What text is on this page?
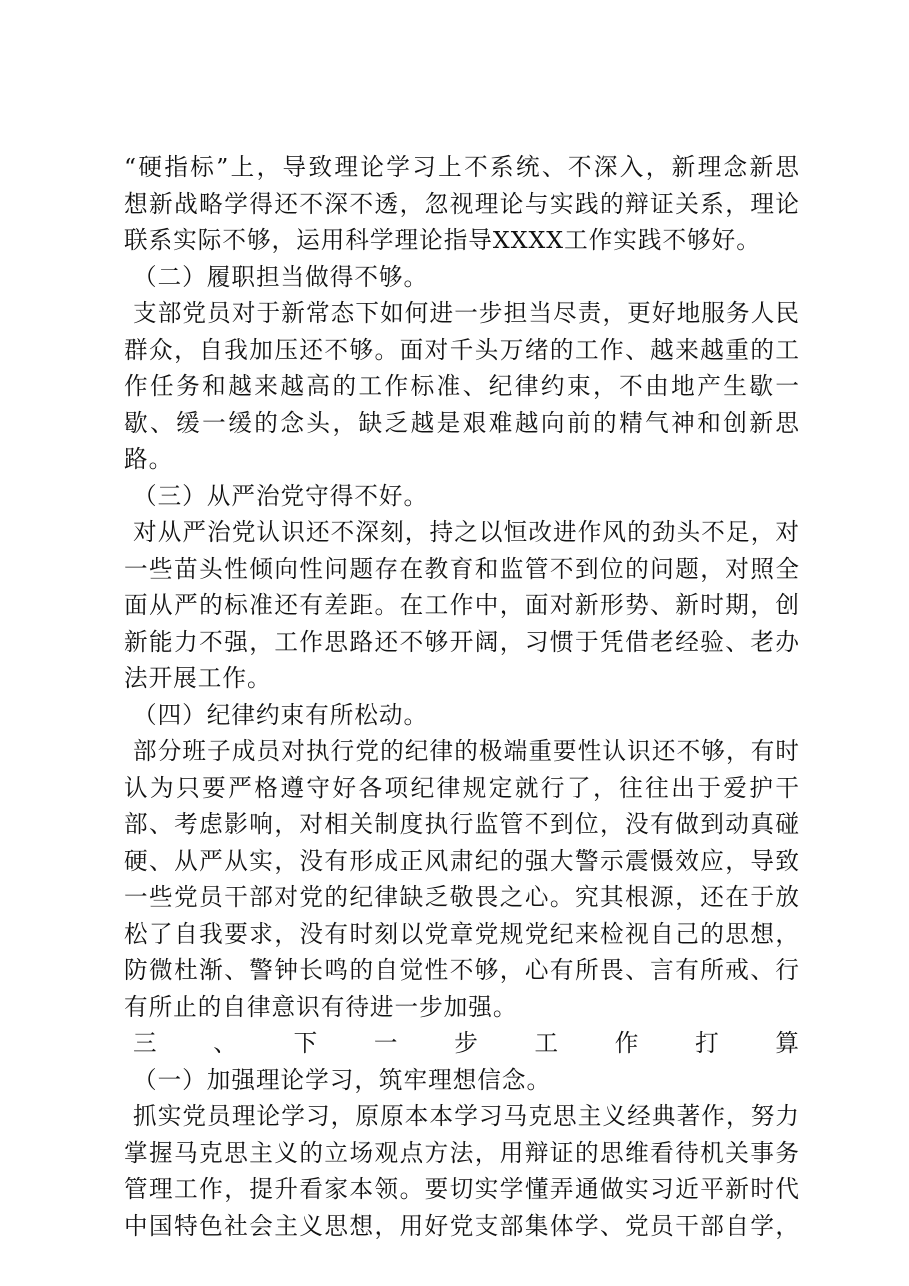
“硬指标”上，导致理论学习上不系统、不深入，新理念新思
想新战略学得还不深不透，忽视理论与实践的辩证关系，理论
联系实际不够，运用科学理论指导XXXX工作实践不够好。
（二）履职担当做得不够。
支部党员对于新常态下如何进一步担当尽责，更好地服务人民
群众，自我加压还不够。面对千头万绪的工作、越来越重的工
作任务和越来越高的工作标准、纪律约束，不由地产生歇一
歇、缓一缓的念头，缺乏越是艰难越向前的精气神和创新思
路。
（三）从严治党守得不好。
对从严治党认识还不深刻，持之以恒改进作风的劲头不足，对
一些苗头性倾向性问题存在教育和监管不到位的问题，对照全
面从严的标准还有差距。在工作中，面对新形势、新时期，创
新能力不强，工作思路还不够开阔，习惯于凭借老经验、老办
法开展工作。
（四）纪律约束有所松动。
部分班子成员对执行党的纪律的极端重要性认识还不够，有时
认为只要严格遵守好各项纪律规定就行了，往往出于爱护干
部、考虑影响，对相关制度执行监管不到位，没有做到动真碰
硬、从严从实，没有形成正风肃纪的强大警示震慑效应，导致
一些党员干部对党的纪律缺乏敬畏之心。究其根源，还在于放
松了自我要求，没有时刻以党章党规党纪来检视自己的思想，
防微杜渐、警钟长鸣的自觉性不够，心有所畏、言有所戒、行
有所止的自律意识有待进一步加强。
三、下一步工作打算
（一）加强理论学习，筑牢理想信念。
抓实党员理论学习，原原本本学习马克思主义经典著作，努力
掌握马克思主义的立场观点方法，用辩证的思维看待机关事务
管理工作，提升看家本领。要切实学懂弄通做实习近平新时代
中国特色社会主义思想，用好党支部集体学、党员干部自学，
